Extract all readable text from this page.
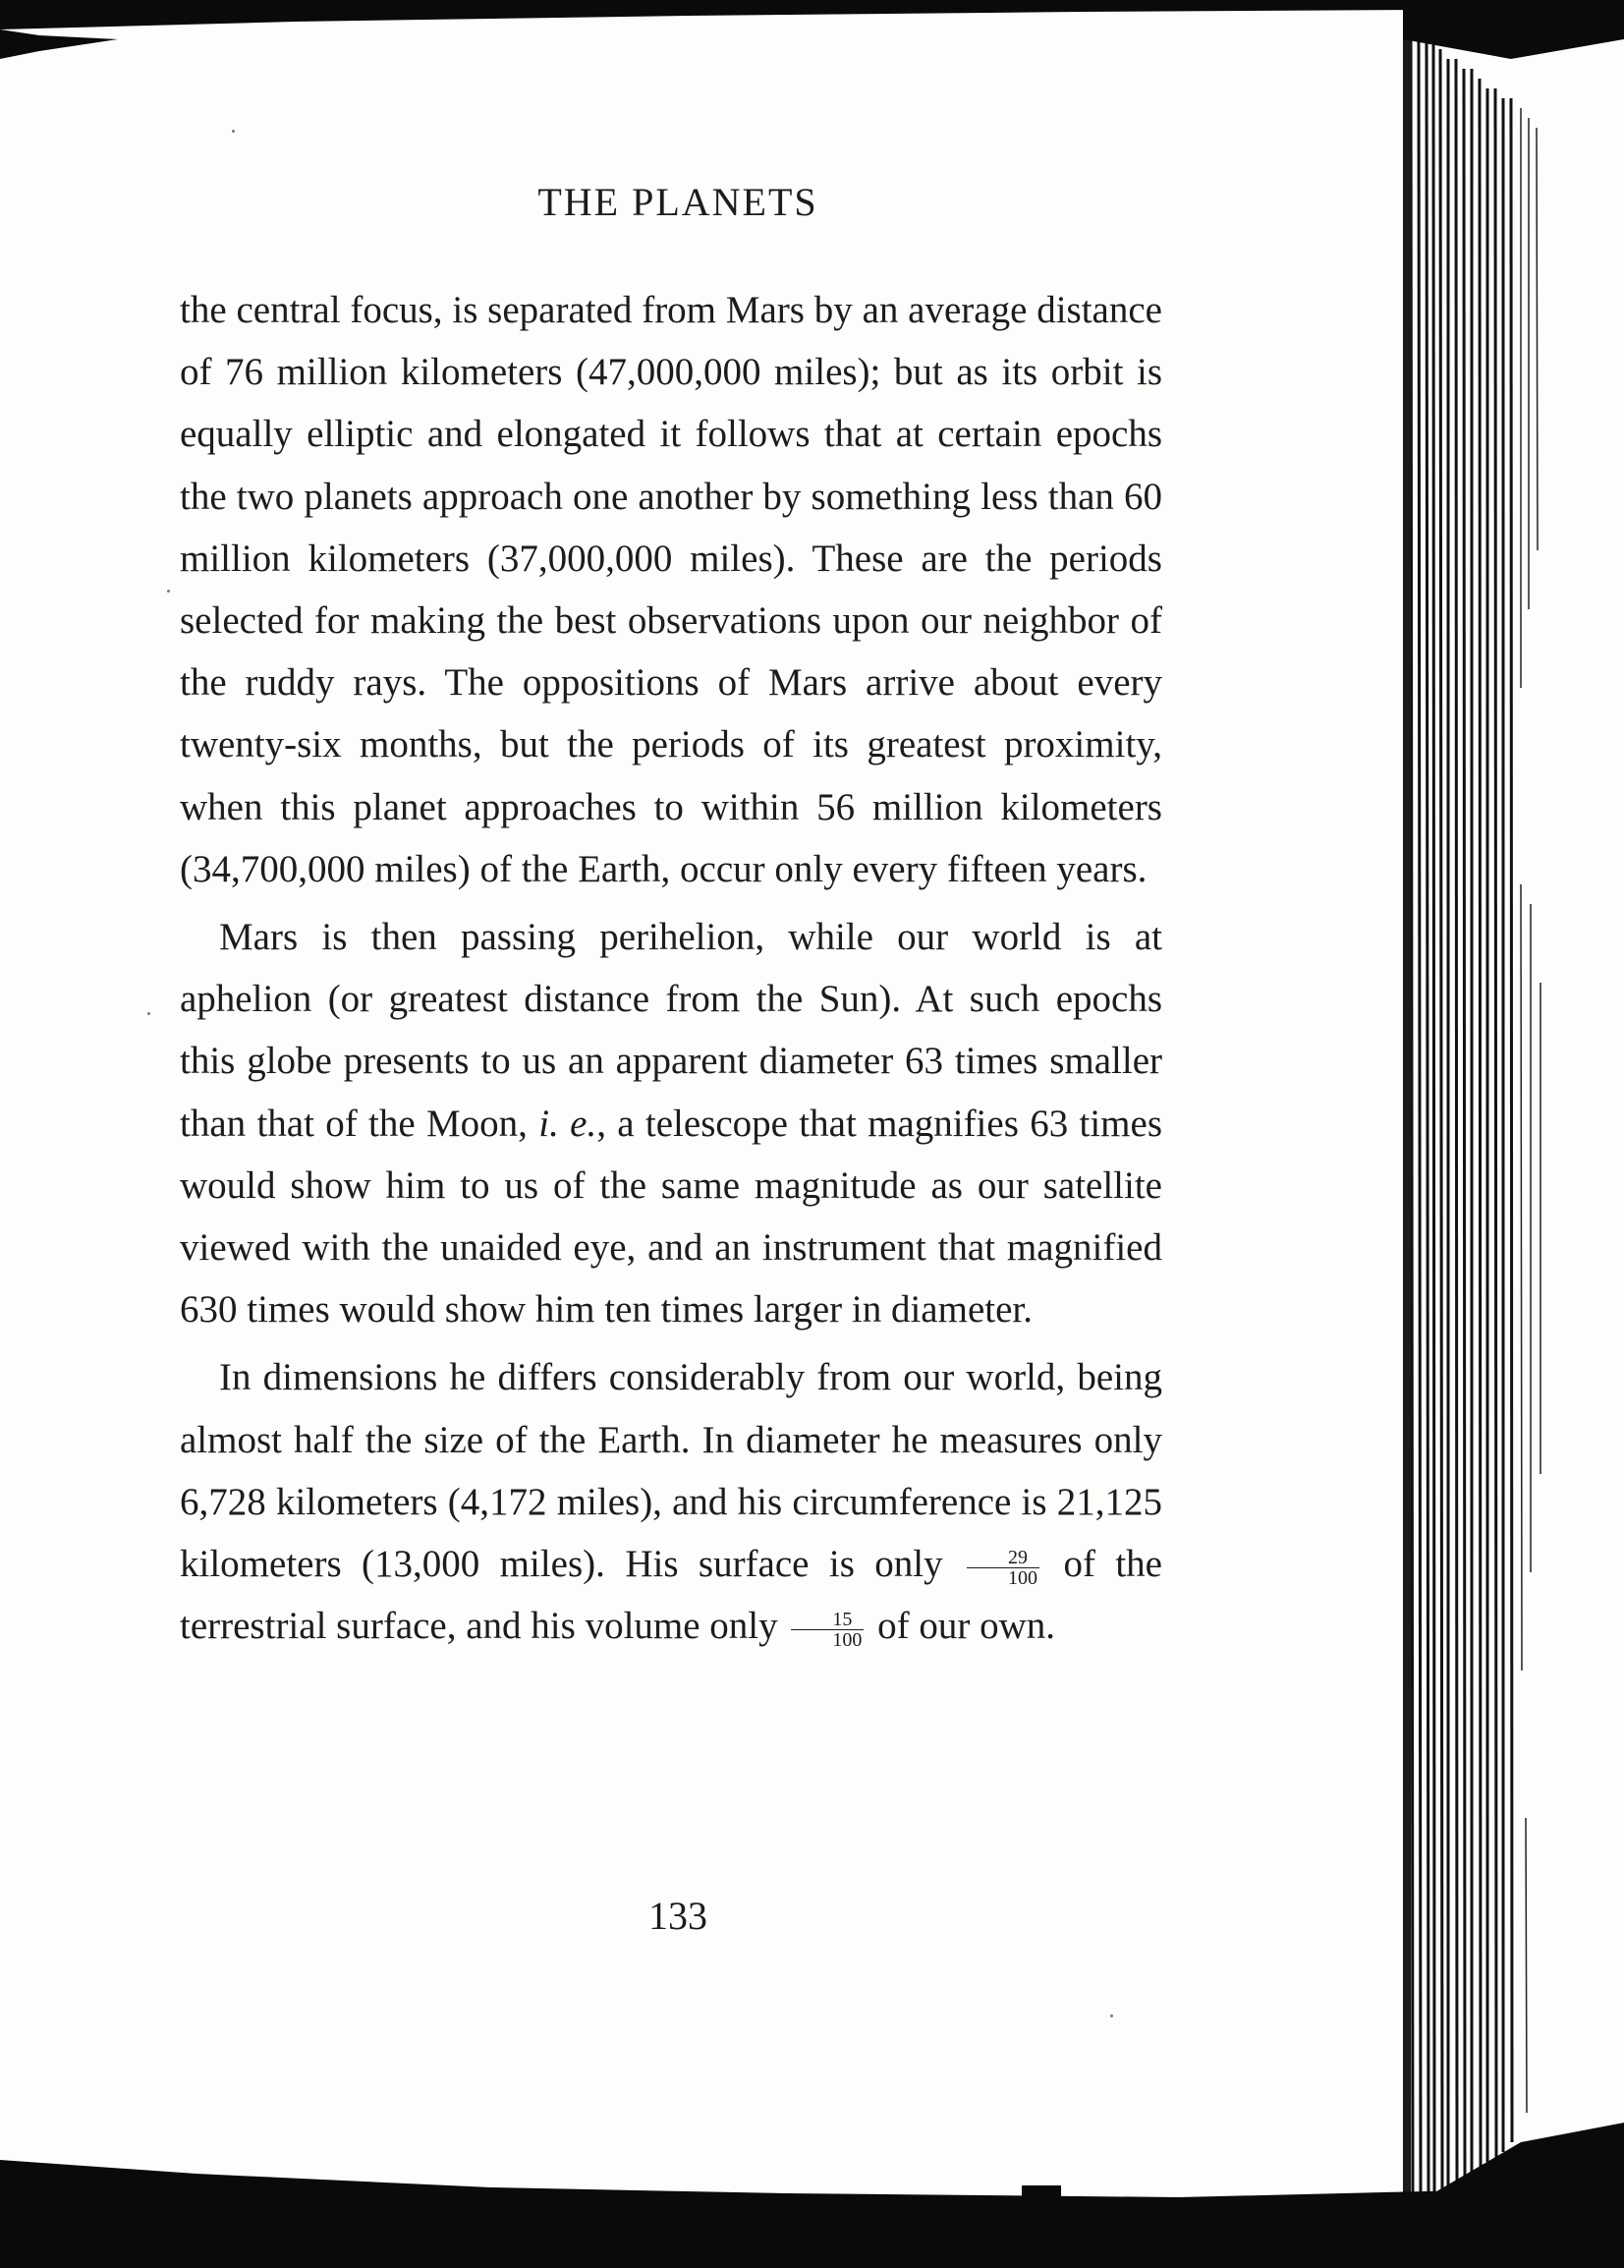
THE PLANETS

the central focus, is separated from Mars by an average distance of 76 million kilometers (47,000,000 miles); but as its orbit is equally elliptic and elongated it follows that at certain epochs the two planets approach one another by something less than 60 million kilometers (37,000,000 miles). These are the periods selected for making the best observations upon our neighbor of the ruddy rays. The oppositions of Mars arrive about every twenty-six months, but the periods of its greatest proximity, when this planet approaches to within 56 million kilometers (34,700,000 miles) of the Earth, occur only every fifteen years.

Mars is then passing perihelion, while our world is at aphelion (or greatest distance from the Sun). At such epochs this globe presents to us an apparent diameter 63 times smaller than that of the Moon, i. e., a telescope that magnifies 63 times would show him to us of the same magnitude as our satellite viewed with the unaided eye, and an instrument that magnified 630 times would show him ten times larger in diameter.

In dimensions he differs considerably from our world, being almost half the size of the Earth. In diameter he measures only 6,728 kilometers (4,172 miles), and his circumference is 21,125 kilometers (13,000 miles). His surface is only $\frac{29}{100}$ of the terrestrial surface, and his volume only $\frac{15}{100}$ of our own.

133
